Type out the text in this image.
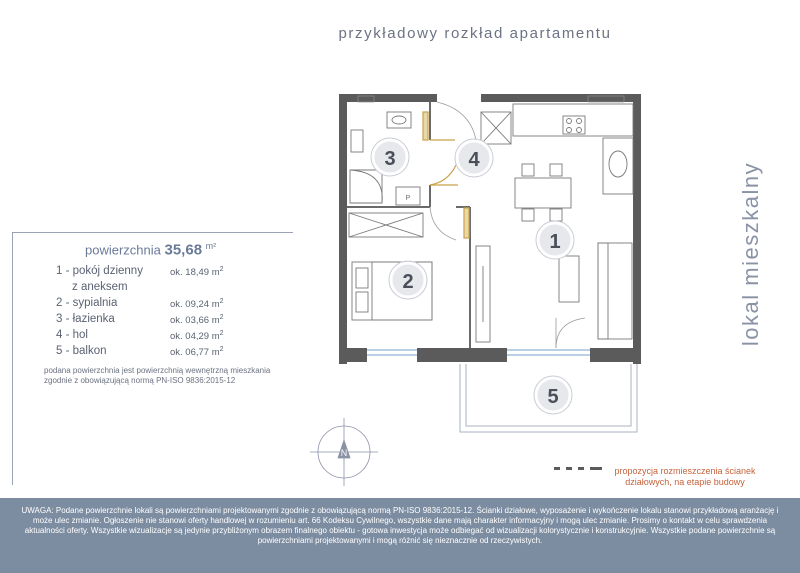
przykładowy rozkład apartamentu
powierzchnia 35,68 $^{m^2}$
1 - pokój dzienny	ok. 18,49 $m^2$
z aneksem
2 - sypialnia	ok. 09,24 $m^2$
3 - łazienka	ok. 03,66 $m^2$
4 - hol	ok. 04,29 $m^2$
5 - balkon	ok. 06,77 $m^2$
podana powierzchnia jest powierzchnią wewnętrzną mieszkania zgodnie z obowiązującą normą PN-ISO 9836:2015-12
lokal mieszkalny
P
1
2
3	4
5
N
propozycja rozmieszczenia ścianek
działowych, na etapie budowy

UWAGA: Podane powierzchnie lokali są powierzchniami projektowanymi zgodnie z obowiązującą normą PN-ISO 9836:2015-12. Ścianki działowe, wyposażenie i wykończenie lokalu stanowi przykładową aranżację i może ulec zmianie. Ogłoszenie nie stanowi oferty handlowej w rozumieniu art. 66 Kodeksu Cywilnego, wszystkie dane mają charakter informacyjny i mogą ulec zmianie. Prosimy o kontakt w celu sprawdzenia aktualności oferty. Wszystkie wizualizacje są jedynie przybliżonym obrazem finalnego obiektu - gotowa inwestycja może odbiegać od wizualizacji kolorystycznie i konstrukcyjnie. Wszystkie podane powierzchnie są powierzchniami projektowanymi i mogą różnić się nieznacznie od rzeczywistych.
